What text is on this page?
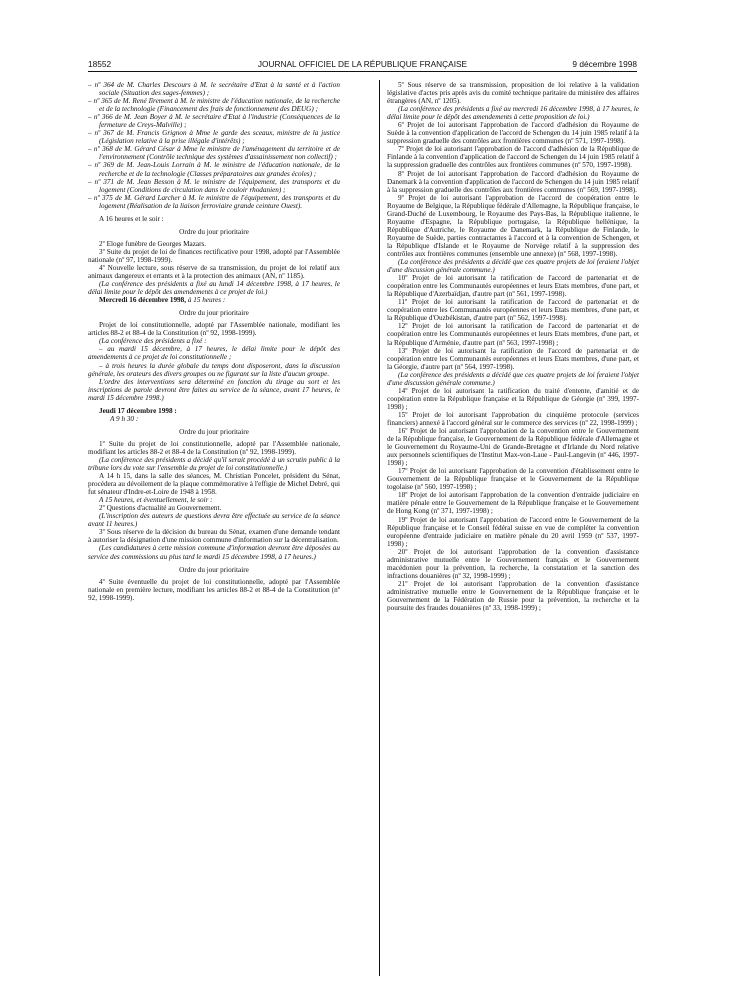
18552	JOURNAL OFFICIEL DE LA RÉPUBLIQUE FRANÇAISE	9 décembre 1998

– nº 364 de M. Charles Descours à M. le secrétaire d'Etat à la santé et à l'action sociale (Situation des sages-femmes) ;

– nº 365 de M. René Iîrement à M. le ministre de l'éducation nationale, de la recherche et de la technologie (Financement des frais de fonctionnement des DEUG) ;

– nº 366 de M. Jean Boyer à M. le secrétaire d'Etat à l'industrie (Conséquences de la fermeture de Creys-Malville) ;

– nº 367 de M. Francis Grignon à Mme le garde des sceaux, ministre de la justice (Législation relative à la prise illégale d'intérêts) ;

– nº 368 de M. Gérard César à Mme le ministre de l'aménagement du territoire et de l'environnement (Contrôle technique des systèmes d'assainissement non collectif) ;

– nº 369 de M. Jean-Louis Lorrain à M. le ministre de l'éducation nationale, de la recherche et de la technologie (Classes préparatoires aux grandes écoles) ;

– nº 371 de M. Jean Besson à M. le ministre de l'équipement, des transports et du logement (Conditions de circulation dans le couloir rhodanien) ;

– nº 375 de M. Gérard Larcher à M. le ministre de l'équipement, des transports et du logement (Réalisation de la liaison ferroviaire grande ceinture Ouest).

A 16 heures et le soir :

Ordre du jour prioritaire

2º Eloge funèbre de Georges Mazars.

3º Suite du projet de loi de finances rectificative pour 1998, adopté par l'Assemblée nationale (nº 97, 1998-1999).

4º Nouvelle lecture, sous réserve de sa transmission, du projet de loi relatif aux animaux dangereux et errants et à la protection des animaux (AN, nº 1185).

(La conférence des présidents a fixé au lundi 14 décembre 1998, à 17 heures, le délai limite pour le dépôt des amendements à ce projet de loi.)

Mercredi 16 décembre 1998, à 15 heures :

Ordre du jour prioritaire

Projet de loi constitutionnelle, adopté par l'Assemblée nationale, modifiant les articles 88-2 et 88-4 de la Constitution (nº 92, 1998-1999).

(La conférence des présidents a fixé :

– au mardi 15 décembre, à 17 heures, le délai limite pour le dépôt des amendements à ce projet de loi constitutionnelle ;

– à trois heures la durée globale du temps dont disposeront, dans la discussion générale, les orateurs des divers groupes ou ne figurant sur la liste d'aucun groupe.

L'ordre des interventions sera déterminé en fonction du tirage au sort et les inscriptions de parole devront être faites au service de la séance, avant 17 heures, le mardi 15 décembre 1998.)

Jeudi 17 décembre 1998 :

A 9 h 30 :

Ordre du jour prioritaire

1º Suite du projet de loi constitutionnelle, adopté par l'Assemblée nationale, modifiant les articles 88-2 et 88-4 de la Constitution (nº 92, 1998-1999).

(La conférence des présidents a décidé qu'il serait procédé à un scrutin public à la tribune lors du vote sur l'ensemble du projet de loi constitutionnelle.)

A 14 h 15, dans la salle des séances, M. Christian Poncelet, président du Sénat, procédera au dévoilement de la plaque commémorative à l'effigie de Michel Debré, qui fut sénateur d'Indre-et-Loire de 1948 à 1958.

A 15 heures, et éventuellement, le soir :

2º Questions d'actualité au Gouvernement.

(L'inscription des auteurs de questions devra être effectuée au service de la séance avant 11 heures.)

3º Sous réserve de la décision du bureau du Sénat, examen d'une demande tendant à autoriser la désignation d'une mission commune d'information sur la décentralisation.

(Les candidatures à cette mission commune d'information devront être déposées au service des commissions au plus tard le mardi 15 décembre 1998, à 17 heures.)

Ordre du jour prioritaire

4º Suite éventuelle du projet de loi constitutionnelle, adopté par l'Assemblée nationale en première lecture, modifiant les articles 88-2 et 88-4 de la Constitution (nº 92, 1998-1999).

5º Sous réserve de sa transmission, proposition de loi relative à la validation législative d'actes pris après avis du comité technique paritaire du ministère des affaires étrangères (AN, nº 1205).

(La conférence des présidents a fixé au mercredi 16 décembre 1998, à 17 heures, le délai limite pour le dépôt des amendements à cette proposition de loi.)

6º Projet de loi autorisant l'approbation de l'accord d'adhésion du Royaume de Suède à la convention d'application de l'accord de Schengen du 14 juin 1985 relatif à la suppression graduelle des contrôles aux frontières communes (nº 571, 1997-1998).

7º Projet de loi autorisant l'approbation de l'accord d'adhésion de la République de Finlande à la convention d'application de l'accord de Schengen du 14 juin 1985 relatif à la suppression graduelle des contrôles aux frontières communes (nº 570, 1997-1998).

8º Projet de loi autorisant l'approbation de l'accord d'adhésion du Royaume de Danemark à la convention d'application de l'accord de Schengen du 14 juin 1985 relatif à la suppression graduelle des contrôles aux frontières communes (nº 569, 1997-1998).

9º Projet de loi autorisant l'approbation de l'accord de coopération entre le Royaume de Belgique, la République fédérale d'Allemagne, la République française, le Grand-Duché de Luxembourg, le Royaume des Pays-Bas, la République italienne, le Royaume d'Espagne, la République portugaise, la République hellénique, la République d'Autriche, le Royaume de Danemark, la République de Finlande, le Royaume de Suède, parties contractantes à l'accord et à la convention de Schengen, et la République d'Islande et le Royaume de Norvège relatif à la suppression des contrôles aux frontières communes (ensemble une annexe) (nº 568, 1997-1998).

(La conférence des présidents a décidé que ces quatre projets de loi feraient l'objet d'une discussion générale commune.)

10º Projet de loi autorisant la ratification de l'accord de partenariat et de coopération entre les Communautés européennes et leurs Etats membres, d'une part, et la République d'Azerbaïdjan, d'autre part (nº 561, 1997-1998).

11º Projet de loi autorisant la ratification de l'accord de partenariat et de coopération entre les Communautés européennes et leurs Etats membres, d'une part, et la République d'Ouzbékistan, d'autre part (nº 562, 1997-1998).

12º Projet de loi autorisant la ratification de l'accord de partenariat et de coopération entre les Communautés européennes et leurs Etats membres, d'une part, et la République d'Arménie, d'autre part (nº 563, 1997-1998) ;

13º Projet de loi autorisant la ratification de l'accord de partenariat et de coopération entre les Communautés européennes et leurs Etats membres, d'une part, et la Géorgie, d'autre part (nº 564, 1997-1998).

(La conférence des présidents a décidé que ces quatre projets de loi feraient l'objet d'une discussion générale commune.)

14º Projet de loi autorisant la ratification du traité d'entente, d'amitié et de coopération entre la République française et la République de Géorgie (nº 399, 1997-1998) ;

15º Projet de loi autorisant l'approbation du cinquième protocole (services financiers) annexé à l'accord général sur le commerce des services (nº 22, 1998-1999) ;

16º Projet de loi autorisant l'approbation de la convention entre le Gouvernement de la République française, le Gouvernement de la République fédérale d'Allemagne et le Gouvernement du Royaume-Uni de Grande-Bretagne et d'Irlande du Nord relative aux personnels scientifiques de l'Institut Max-von-Laue - Paul-Langevin (nº 446, 1997-1998) ;

17º Projet de loi autorisant l'approbation de la convention d'établissement entre le Gouvernement de la République française et le Gouvernement de la République togolaise (nº 560, 1997-1998) ;

18º Projet de loi autorisant l'approbation de la convention d'entraide judiciaire en matière pénale entre le Gouvernement de la République française et le Gouvernement de Hong Kong (nº 371, 1997-1998) ;

19º Projet de loi autorisant l'approbation de l'accord entre le Gouvernement de la République française et le Conseil fédéral suisse en vue de compléter la convention européenne d'entraide judiciaire en matière pénale du 20 avril 1959 (nº 537, 1997-1998) ;

20º Projet de loi autorisant l'approbation de la convention d'assistance administrative mutuelle entre le Gouvernement français et le Gouvernement macédonien pour la prévention, la recherche, la constatation et la sanction des infractions douanières (nº 32, 1998-1999) ;

21º Projet de loi autorisant l'approbation de la convention d'assistance administrative mutuelle entre le Gouvernement de la République française et le Gouvernement de la Fédération de Russie pour la prévention, la recherche et la poursuite des fraudes douanières (nº 33, 1998-1999) ;
